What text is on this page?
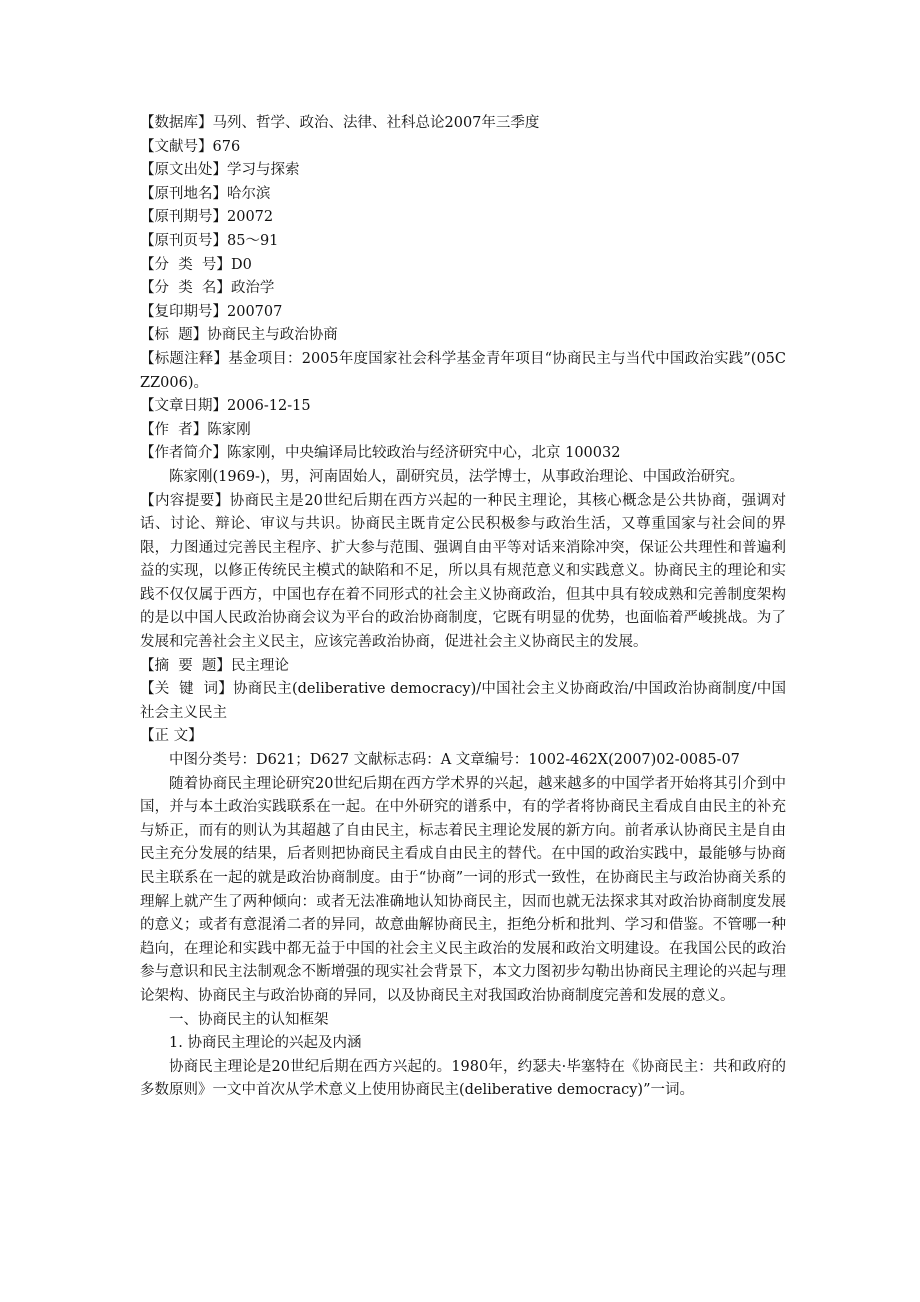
【数据库】马列、哲学、政治、法律、社科总论2007年三季度

【文献号】676

【原文出处】学习与探索

【原刊地名】哈尔滨

【原刊期号】20072

【原刊页号】85～91

【分  类  号】D0

【分  类  名】政治学

【复印期号】200707

【标  题】协商民主与政治协商

【标题注释】基金项目：2005年度国家社会科学基金青年项目“协商民主与当代中国政治实践”(05CZZ006)。

【文章日期】2006-12-15

【作  者】陈家刚

【作者简介】陈家刚，中央编译局比较政治与经济研究中心，北京 100032

陈家刚(1969-)，男，河南固始人，副研究员，法学博士，从事政治理论、中国政治研究。

【内容提要】协商民主是20世纪后期在西方兴起的一种民主理论，其核心概念是公共协商，强调对话、讨论、辩论、审议与共识。协商民主既肯定公民积极参与政治生活，又尊重国家与社会间的界限，力图通过完善民主程序、扩大参与范围、强调自由平等对话来消除冲突，保证公共理性和普遍利益的实现，以修正传统民主模式的缺陷和不足，所以具有规范意义和实践意义。协商民主的理论和实践不仅仅属于西方，中国也存在着不同形式的社会主义协商政治，但其中具有较成熟和完善制度架构的是以中国人民政治协商会议为平台的政治协商制度，它既有明显的优势，也面临着严峻挑战。为了发展和完善社会主义民主，应该完善政治协商，促进社会主义协商民主的发展。

【摘  要  题】民主理论

【关  键  词】协商民主(deliberative democracy)/中国社会主义协商政治/中国政治协商制度/中国社会主义民主

【正 文】

中图分类号：D621；D627 文献标志码：A 文章编号：1002-462X(2007)02-0085-07

随着协商民主理论研究20世纪后期在西方学术界的兴起，越来越多的中国学者开始将其引介到中国，并与本土政治实践联系在一起。在中外研究的谱系中，有的学者将协商民主看成自由民主的补充与矫正，而有的则认为其超越了自由民主，标志着民主理论发展的新方向。前者承认协商民主是自由民主充分发展的结果，后者则把协商民主看成自由民主的替代。在中国的政治实践中，最能够与协商民主联系在一起的就是政治协商制度。由于“协商”一词的形式一致性，在协商民主与政治协商关系的理解上就产生了两种倾向：或者无法准确地认知协商民主，因而也就无法探求其对政治协商制度发展的意义；或者有意混淆二者的异同，故意曲解协商民主，拒绝分析和批判、学习和借鉴。不管哪一种趋向，在理论和实践中都无益于中国的社会主义民主政治的发展和政治文明建设。在我国公民的政治参与意识和民主法制观念不断增强的现实社会背景下，本文力图初步勾勒出协商民主理论的兴起与理论架构、协商民主与政治协商的异同，以及协商民主对我国政治协商制度完善和发展的意义。

一、协商民主的认知框架

1. 协商民主理论的兴起及内涵

协商民主理论是20世纪后期在西方兴起的。1980年，约瑟夫·毕塞特在《协商民主：共和政府的多数原则》一文中首次从学术意义上使用协商民主(deliberative democracy)”一词。
